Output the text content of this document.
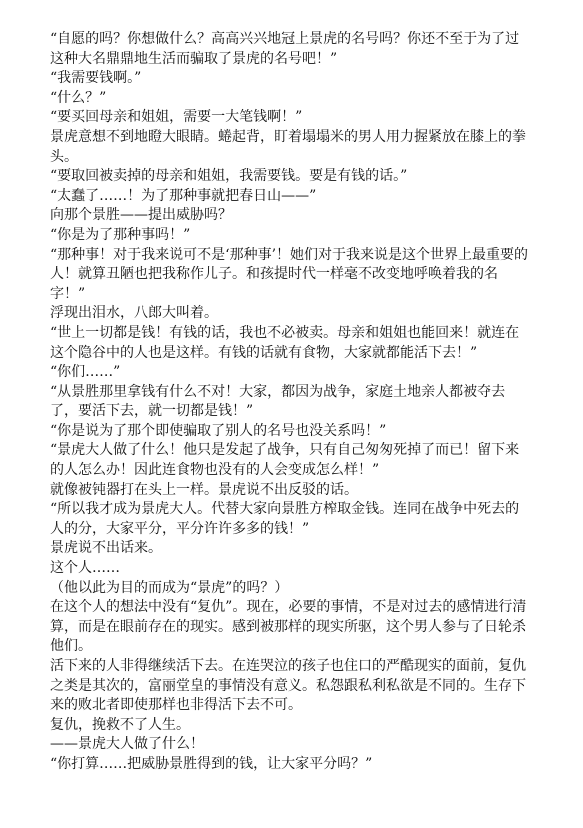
“自愿的吗？你想做什么？高高兴兴地冠上景虎的名号吗？你还不至于为了过这种大名鼎鼎地生活而骗取了景虎的名号吧！”

“我需要钱啊。”

“什么？”

“要买回母亲和姐姐，需要一大笔钱啊！”

景虎意想不到地瞪大眼睛。蜷起背，盯着塌塌米的男人用力握紧放在膝上的拳头。

“要取回被卖掉的母亲和姐姐，我需要钱。要是有钱的话。”

“太蠢了……！为了那种事就把春日山——”

向那个景胜——提出威胁吗？

“你是为了那种事吗！”

“那种事！对于我来说可不是‘那种事’！她们对于我来说是这个世界上最重要的人！就算丑陋也把我称作儿子。和孩提时代一样毫不改变地呼唤着我的名字！”

浮现出泪水，八郎大叫着。

“世上一切都是钱！有钱的话，我也不必被卖。母亲和姐姐也能回来！就连在这个隐谷中的人也是这样。有钱的话就有食物，大家就都能活下去！”

“你们……”

“从景胜那里拿钱有什么不对！大家，都因为战争，家庭土地亲人都被夺去了，要活下去，就一切都是钱！”

“你是说为了那个即使骗取了别人的名号也没关系吗！”

“景虎大人做了什么！他只是发起了战争，只有自己匆匆死掉了而已！留下来的人怎么办！因此连食物也没有的人会变成怎么样！”

就像被钝器打在头上一样。景虎说不出反驳的话。

“所以我才成为景虎大人。代替大家向景胜方榨取金钱。连同在战争中死去的人的分，大家平分，平分许许多多的钱！”

景虎说不出话来。

这个人……

（他以此为目的而成为“景虎”的吗？）

在这个人的想法中没有“复仇”。现在，必要的事情，不是对过去的感情进行清算，而是在眼前存在的现实。感到被那样的现实所驱，这个男人参与了日轮杀他们。

活下来的人非得继续活下去。在连哭泣的孩子也住口的严酷现实的面前，复仇之类是其次的，富丽堂皇的事情没有意义。私怨跟私利私欲是不同的。生存下来的败北者即使那样也非得活下去不可。

复仇，挽救不了人生。

——景虎大人做了什么！

“你打算……把威胁景胜得到的钱，让大家平分吗？”
